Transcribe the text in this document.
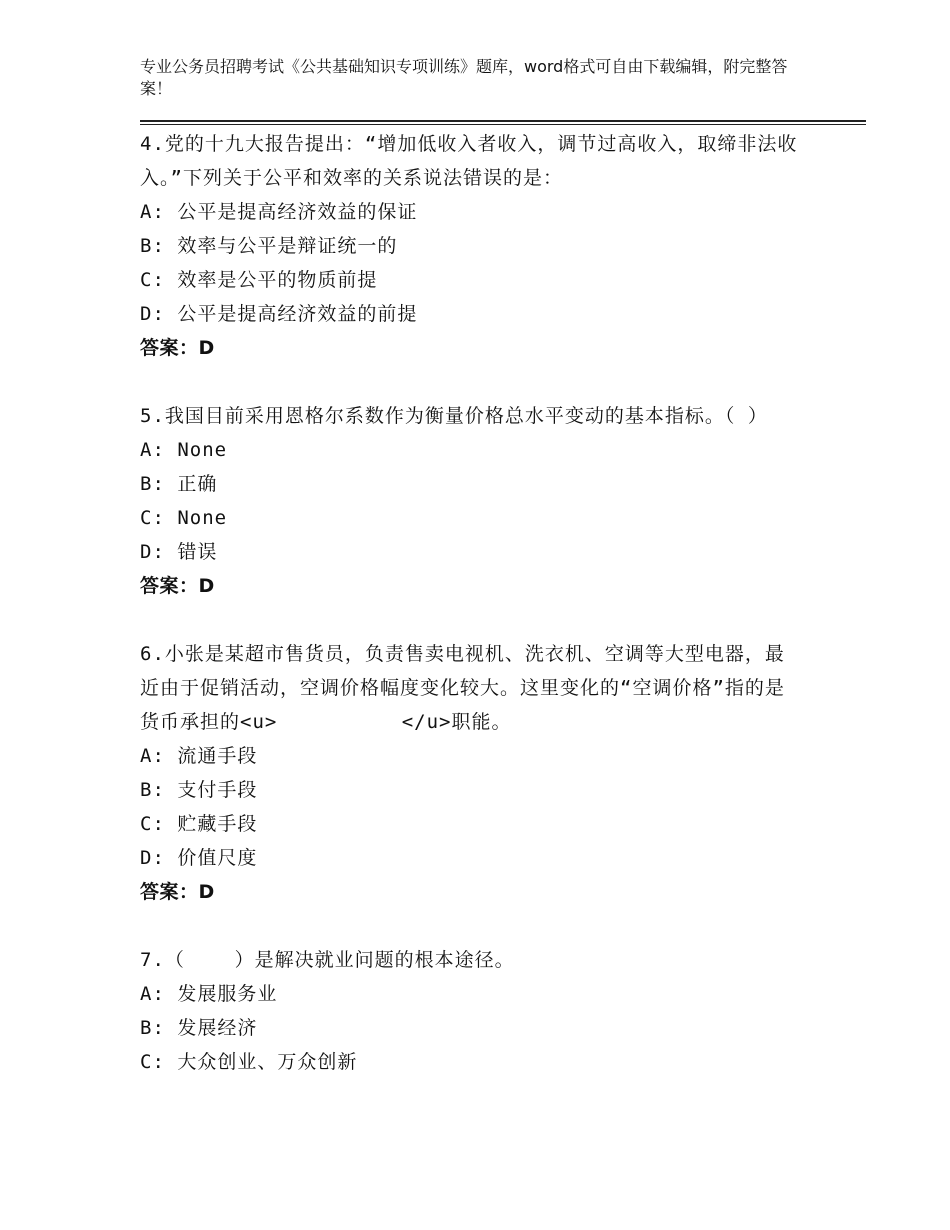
专业公务员招聘考试《公共基础知识专项训练》题库，word格式可自由下载编辑，附完整答案！
4.党的十九大报告提出：“增加低收入者收入，调节过高收入，取缔非法收入。”下列关于公平和效率的关系说法错误的是：
A: 公平是提高经济效益的保证
B: 效率与公平是辩证统一的
C: 效率是公平的物质前提
D: 公平是提高经济效益的前提
答案：D
5.我国目前采用恩格尔系数作为衡量价格总水平变动的基本指标。（ ）
A: None
B: 正确
C: None
D: 错误
答案：D
6.小张是某超市售货员，负责售卖电视机、洗衣机、空调等大型电器，最近由于促销活动，空调价格幅度变化较大。这里变化的“空调价格”指的是货币承担的<u>          </u>职能。
A: 流通手段
B: 支付手段
C: 贮藏手段
D: 价值尺度
答案：D
7.（    ）是解决就业问题的根本途径。
A: 发展服务业
B: 发展经济
C: 大众创业、万众创新
